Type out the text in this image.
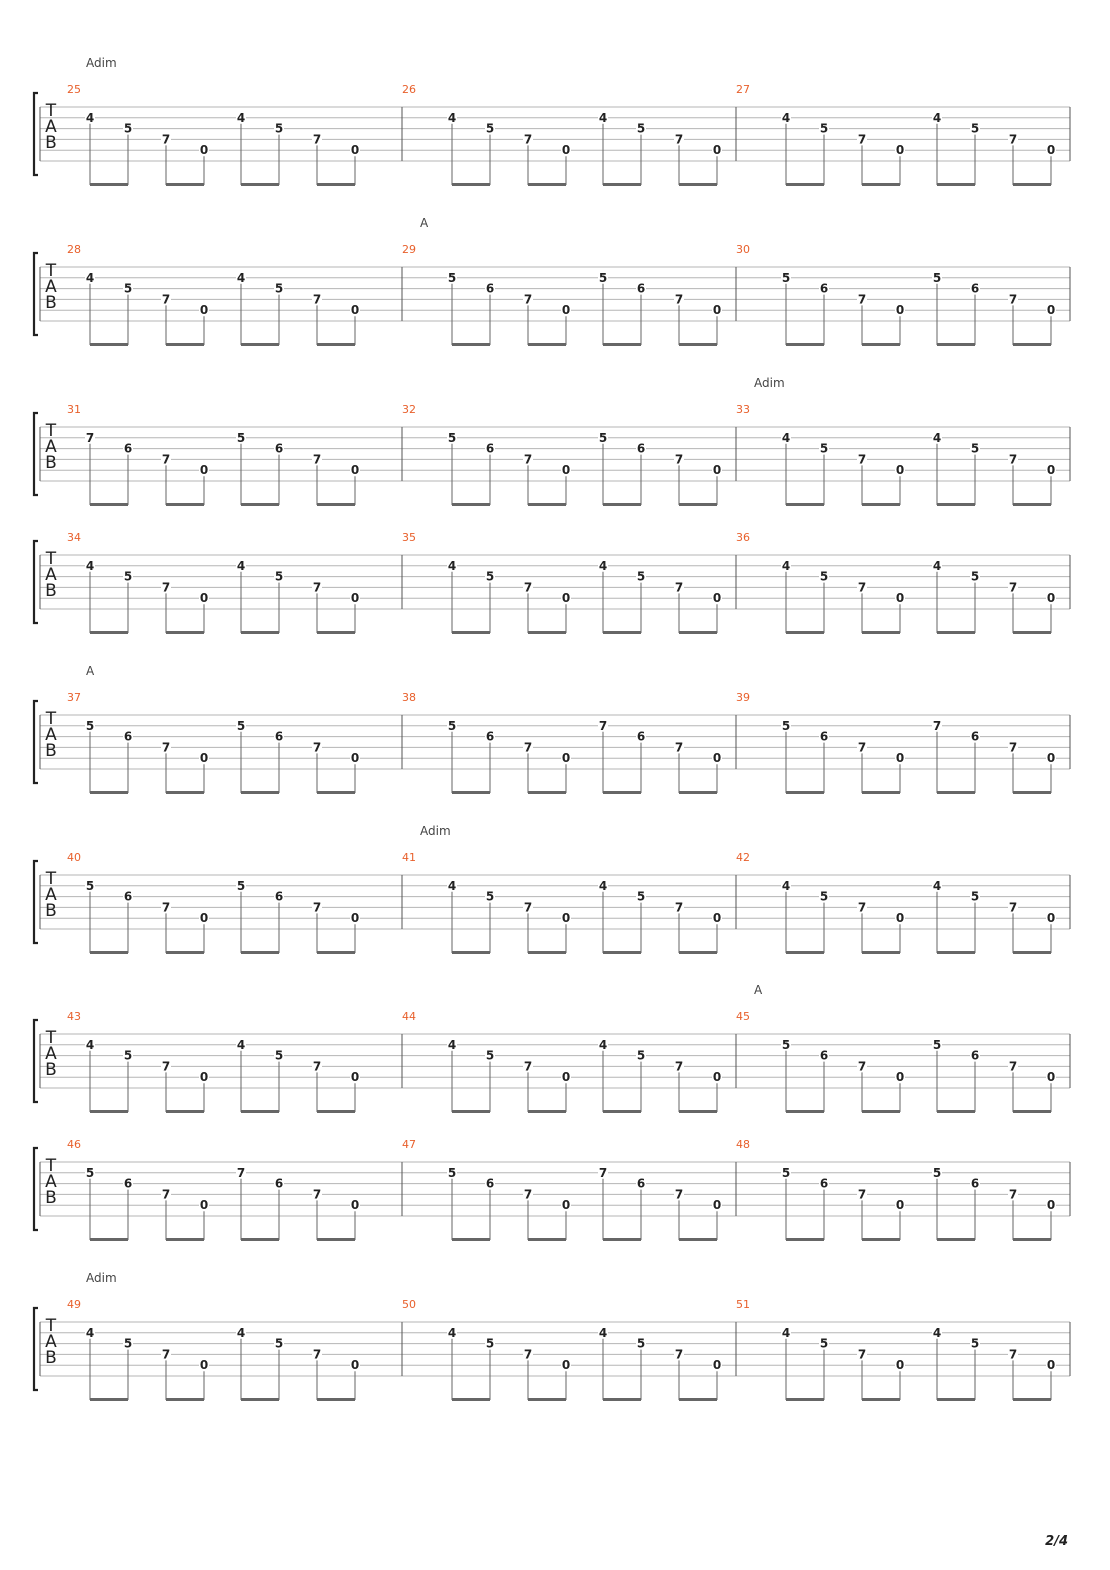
T
A
B
Adim
25
4
5
7
0
4
5
7
0
26
4
5
7
0
4
5
7
0
27
4
5
7
0
4
5
7
0
T
A
B
A
28
4
5
7
0
4
5
7
0
29
5
6
7
0
5
6
7
0
30
5
6
7
0
5
6
7
0
T
A
B
Adim
31
7
6
7
0
5
6
7
0
32
5
6
7
0
5
6
7
0
33
4
5
7
0
4
5
7
0
T
A
B
34
4
5
7
0
4
5
7
0
35
4
5
7
0
4
5
7
0
36
4
5
7
0
4
5
7
0
T
A
B
A
37
5
6
7
0
5
6
7
0
38
5
6
7
0
7
6
7
0
39
5
6
7
0
7
6
7
0
T
A
B
Adim
40
5
6
7
0
5
6
7
0
41
4
5
7
0
4
5
7
0
42
4
5
7
0
4
5
7
0
T
A
B
A
43
4
5
7
0
4
5
7
0
44
4
5
7
0
4
5
7
0
45
5
6
7
0
5
6
7
0
T
A
B
46
5
6
7
0
7
6
7
0
47
5
6
7
0
7
6
7
0
48
5
6
7
0
5
6
7
0
T
A
B
Adim
49
4
5
7
0
4
5
7
0
50
4
5
7
0
4
5
7
0
51
4
5
7
0
4
5
7
0
2/4
